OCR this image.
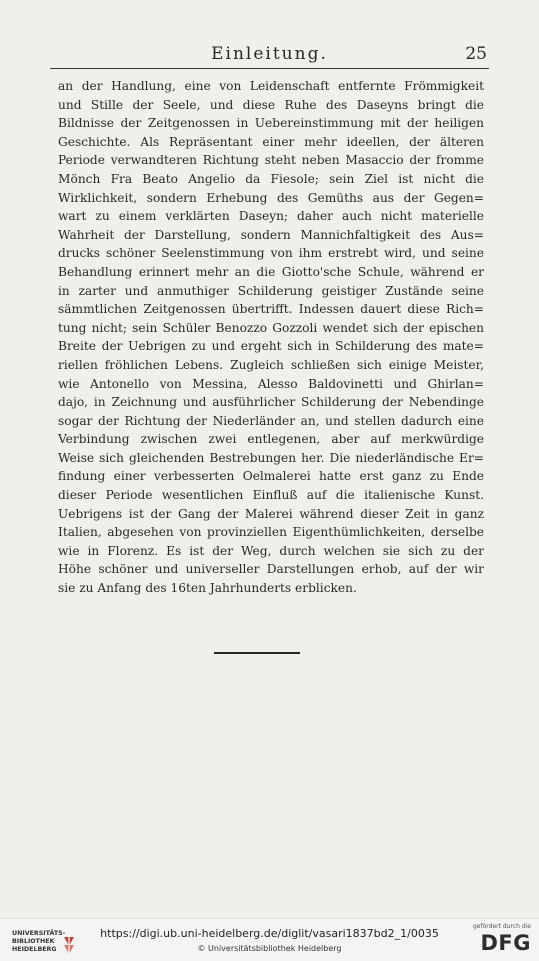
Einleitung.	25
an der Handlung, eine von Leidenschaft entfernte Frömmigkeit
und Stille der Seele, und diese Ruhe des Daseyns bringt die
Bildnisse der Zeitgenossen in Uebereinstimmung mit der heiligen
Geschichte. Als Repräsentant einer mehr ideellen, der älteren
Periode verwandteren Richtung steht neben Masaccio der fromme
Mönch Fra Beato Angelio da Fiesole; sein Ziel ist nicht die
Wirklichkeit, sondern Erhebung des Gemüths aus der Gegen=
wart zu einem verklärten Daseyn; daher auch nicht materielle
Wahrheit der Darstellung, sondern Mannichfaltigkeit des Aus=
drucks schöner Seelenstimmung von ihm erstrebt wird, und seine
Behandlung erinnert mehr an die Giotto'sche Schule, während er
in zarter und anmuthiger Schilderung geistiger Zustände seine
sämmtlichen Zeitgenossen übertrifft. Indessen dauert diese Rich=
tung nicht; sein Schüler Benozzo Gozzoli wendet sich der epischen
Breite der Uebrigen zu und ergeht sich in Schilderung des mate=
riellen fröhlichen Lebens. Zugleich schließen sich einige Meister,
wie Antonello von Messina, Alesso Baldovinetti und Ghirlan=
dajo, in Zeichnung und ausführlicher Schilderung der Nebendinge
sogar der Richtung der Niederländer an, und stellen dadurch eine
Verbindung zwischen zwei entlegenen, aber auf merkwürdige
Weise sich gleichenden Bestrebungen her. Die niederländische Er=
findung einer verbesserten Oelmalerei hatte erst ganz zu Ende
dieser Periode wesentlichen Einfluß auf die italienische Kunst.
Uebrigens ist der Gang der Malerei während dieser Zeit in ganz
Italien, abgesehen von provinziellen Eigenthümlichkeiten, derselbe
wie in Florenz. Es ist der Weg, durch welchen sie sich zu der
Höhe schöner und universeller Darstellungen erhob, auf der wir
sie zu Anfang des 16ten Jahrhunderts erblicken.
UNIVERSITÄTS- BIBLIOTHEK HEIDELBERG
https://digi.ub.uni-heidelberg.de/diglit/vasari1837bd2_1/0035
© Universitätsbibliothek Heidelberg
gefördert durch die
DFG
